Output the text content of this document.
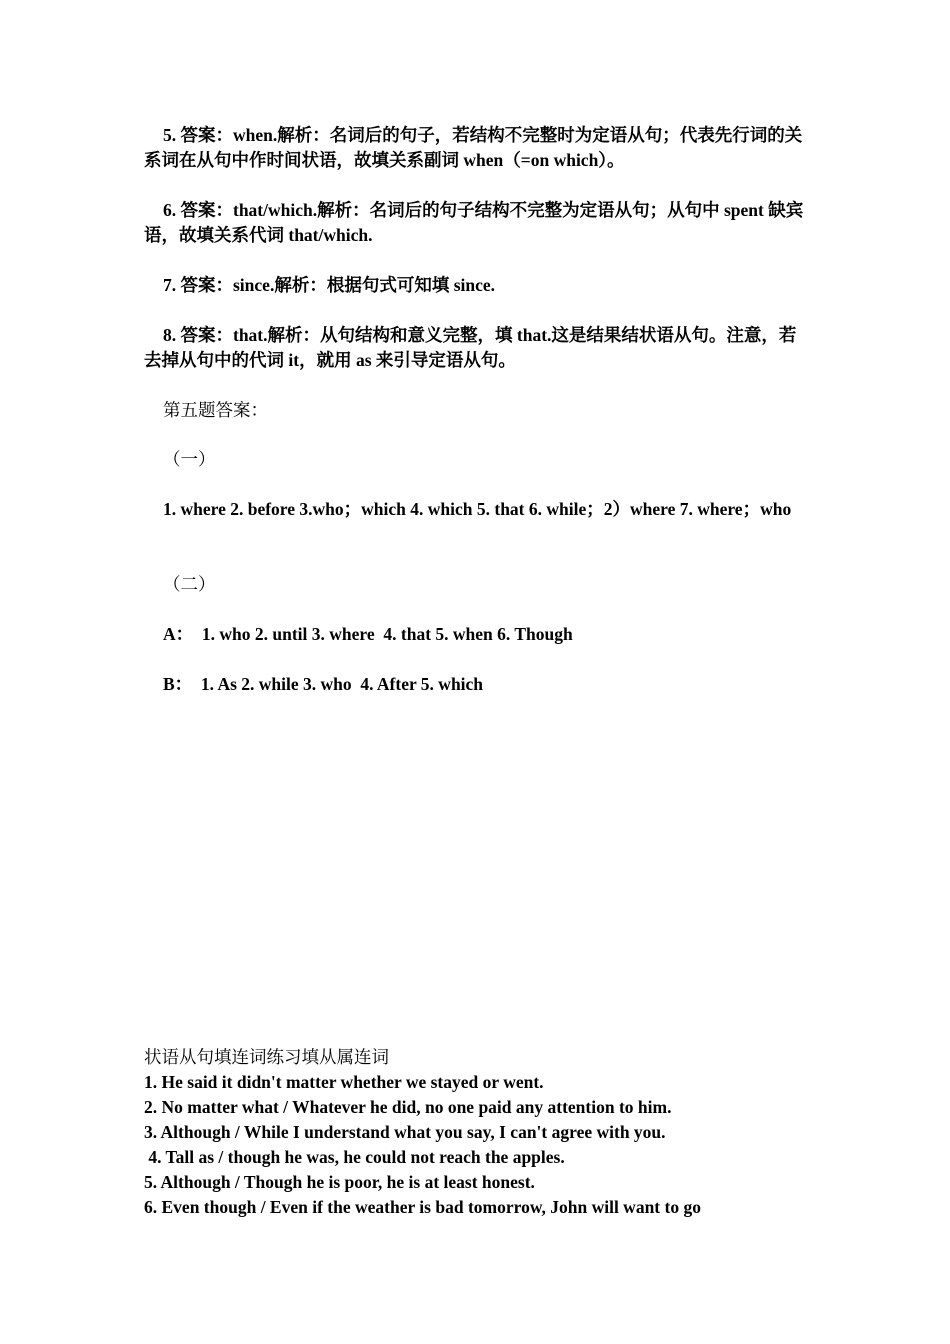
5. 答案：when.解析：名词后的句子，若结构不完整时为定语从句；代表先行词的关系词在从句中作时间状语，故填关系副词 when（=on which）。

6. 答案：that/which.解析：名词后的句子结构不完整为定语从句；从句中 spent 缺宾语，故填关系代词 that/which.

7. 答案：since.解析：根据句式可知填 since.

8. 答案：that.解析：从句结构和意义完整，填 that.这是结果结状语从句。注意，若去掉从句中的代词 it，就用 as 来引导定语从句。

第五题答案：

（一）

1. where 2. before 3.who；which 4. which 5. that 6. while；2）where 7. where；who

（二）

A：  1. who 2. until 3. where  4. that 5. when 6. Though

B：  1. As 2. while 3. who  4. After 5. which

状语从句填连词练习填从属连词

1. He said it didn't matter whether we stayed or went.

2. No matter what / Whatever he did, no one paid any attention to him.

3. Although / While I understand what you say, I can't agree with you.

4. Tall as / though he was, he could not reach the apples.

5. Although / Though he is poor, he is at least honest.

6. Even though / Even if the weather is bad tomorrow, John will want to go
